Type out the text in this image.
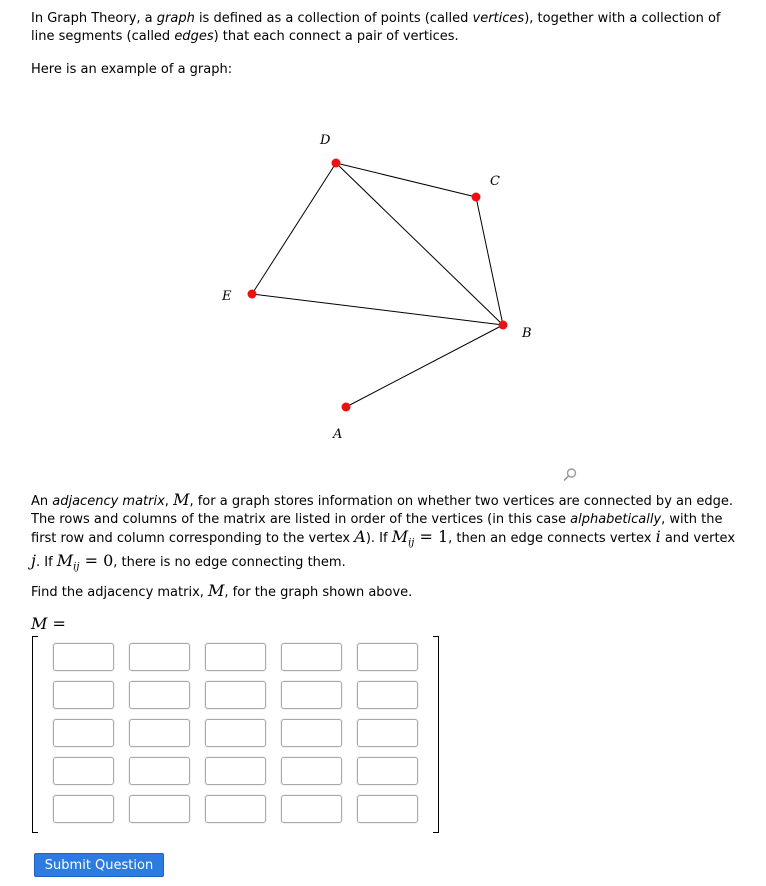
In Graph Theory, a graph is defined as a collection of points (called vertices), together with a collection of line segments (called edges) that each connect a pair of vertices.

Here is an example of a graph:

D
C
E
B
A

An adjacency matrix, M, for a graph stores information on whether two vertices are connected by an edge. The rows and columns of the matrix are listed in order of the vertices (in this case alphabetically, with the first row and column corresponding to the vertex A). If $M_{ij} = 1$, then an edge connects vertex i and vertex j. If $M_{ij} = 0$, there is no edge connecting them.

Find the adjacency matrix, M, for the graph shown above.

M =
Submit Question
